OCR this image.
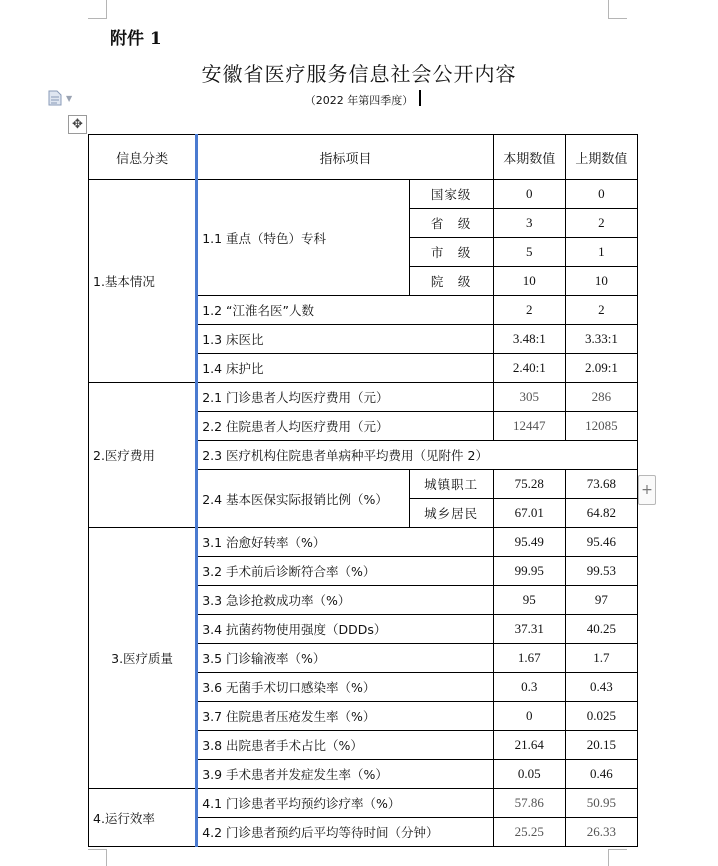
附件 1
安徽省医疗服务信息社会公开内容
（2022 年第四季度）
▼
✥
+
信息分类	指标项目		本期数值	上期数值
1.基本情况	1.1 重点（特色）专科	国家级	0	0
		省　级	3	2
		市　级	5	1
		院　级	10	10
	1.2 “江淮名医”人数		2	2
	1.3 床医比		3.48:1	3.33:1
	1.4 床护比		2.40:1	2.09:1
2.医疗费用	2.1 门诊患者人均医疗费用（元）		305	286
	2.2 住院患者人均医疗费用（元）		12447	12085
	2.3 医疗机构住院患者单病种平均费用（见附件 2）			
	2.4 基本医保实际报销比例（%）	城镇职工	75.28	73.68
		城乡居民	67.01	64.82
3.医疗质量	3.1 治愈好转率（%）		95.49	95.46
	3.2 手术前后诊断符合率（%）		99.95	99.53
	3.3 急诊抢救成功率（%）		95	97
	3.4 抗菌药物使用强度（DDDs）		37.31	40.25
	3.5 门诊输液率（%）		1.67	1.7
	3.6 无菌手术切口感染率（%）		0.3	0.43
	3.7 住院患者压疮发生率（%）		0	0.025
	3.8 出院患者手术占比（%）		21.64	20.15
	3.9 手术患者并发症发生率（%）		0.05	0.46
4.运行效率	4.1 门诊患者平均预约诊疗率（%）		57.86	50.95
	4.2 门诊患者预约后平均等待时间（分钟）		25.25	26.33
